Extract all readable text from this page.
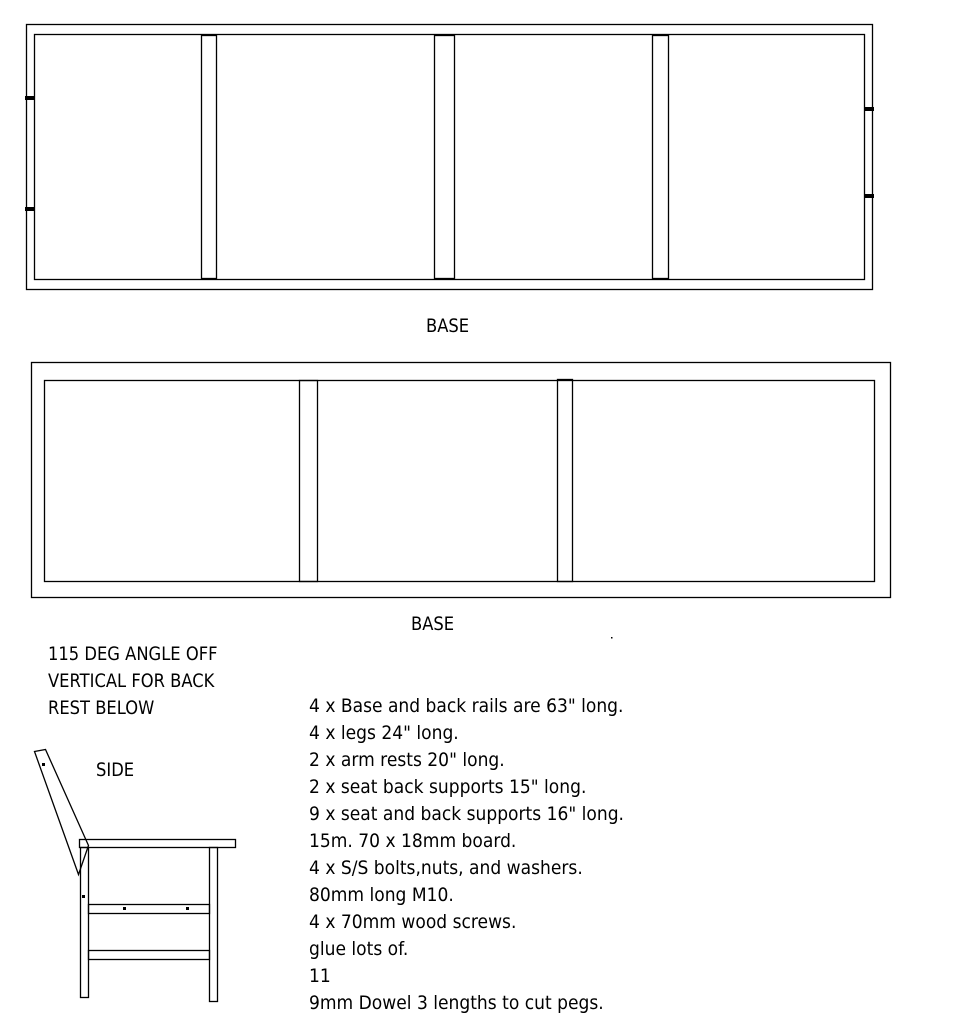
BASE
BASE
SIDE
115 DEG ANGLE OFF
VERTICAL FOR BACK
REST BELOW	4 x Base and back rails are 63" long.
4 x legs 24" long.
2 x arm rests 20" long.
2 x seat back supports 15" long.
9 x seat and back supports 16" long.
15m. 70 x 18mm board.
4 x S/S bolts,nuts, and washers.
80mm long M10.
4 x 70mm wood screws.
glue lots of.
11
9mm Dowel 3 lengths to cut pegs.
